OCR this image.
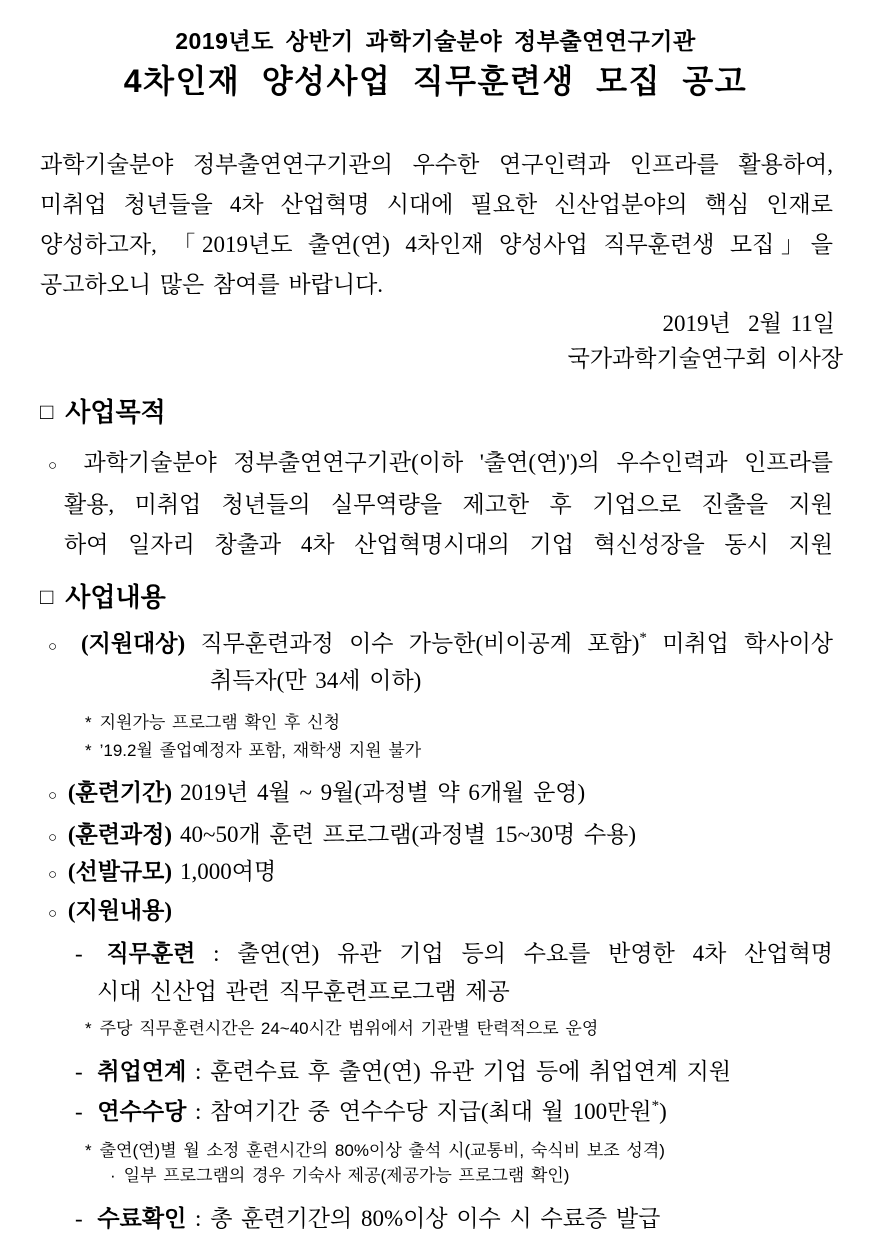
2019년도 상반기 과학기술분야 정부출연연구기관
4차인재 양성사업 직무훈련생 모집 공고
과학기술분야 정부출연연구기관의 우수한 연구인력과 인프라를 활용하여,
미취업 청년들을 4차 산업혁명 시대에 필요한 신산업분야의 핵심 인재로
양성하고자, 「2019년도 출연(연) 4차인재 양성사업 직무훈련생 모집」을
공고하오니 많은 참여를 바랍니다.
2019년  2월 11일
국가과학기술연구회 이사장
□ 사업목적
○ 과학기술분야 정부출연연구기관(이하 '출연(연)')의 우수인력과 인프라를
활용, 미취업 청년들의 실무역량을 제고한 후 기업으로 진출을 지원
하여 일자리 창출과 4차 산업혁명시대의 기업 혁신성장을 동시 지원
□ 사업내용
○ (지원대상) 직무훈련과정 이수 가능한(비이공계 포함)* 미취업 학사이상
취득자(만 34세 이하)
* 지원가능 프로그램 확인 후 신청
* ’19.2월 졸업예정자 포함, 재학생 지원 불가
○ (훈련기간) 2019년 4월 ~ 9월(과정별 약 6개월 운영)
○ (훈련과정) 40~50개 훈련 프로그램(과정별 15~30명 수용)
○ (선발규모) 1,000여명
○ (지원내용)
- 직무훈련 : 출연(연) 유관 기업 등의 수요를 반영한 4차 산업혁명
시대 신산업 관련 직무훈련프로그램 제공
* 주당 직무훈련시간은 24~40시간 범위에서 기관별 탄력적으로 운영
- 취업연계 : 훈련수료 후 출연(연) 유관 기업 등에 취업연계 지원
- 연수수당 : 참여기간 중 연수수당 지급(최대 월 100만원*)
* 출연(연)별 월 소정 훈련시간의 80%이상 출석 시(교통비, 숙식비 보조 성격)
· 일부 프로그램의 경우 기숙사 제공(제공가능 프로그램 확인)
- 수료확인 : 총 훈련기간의 80%이상 이수 시 수료증 발급
